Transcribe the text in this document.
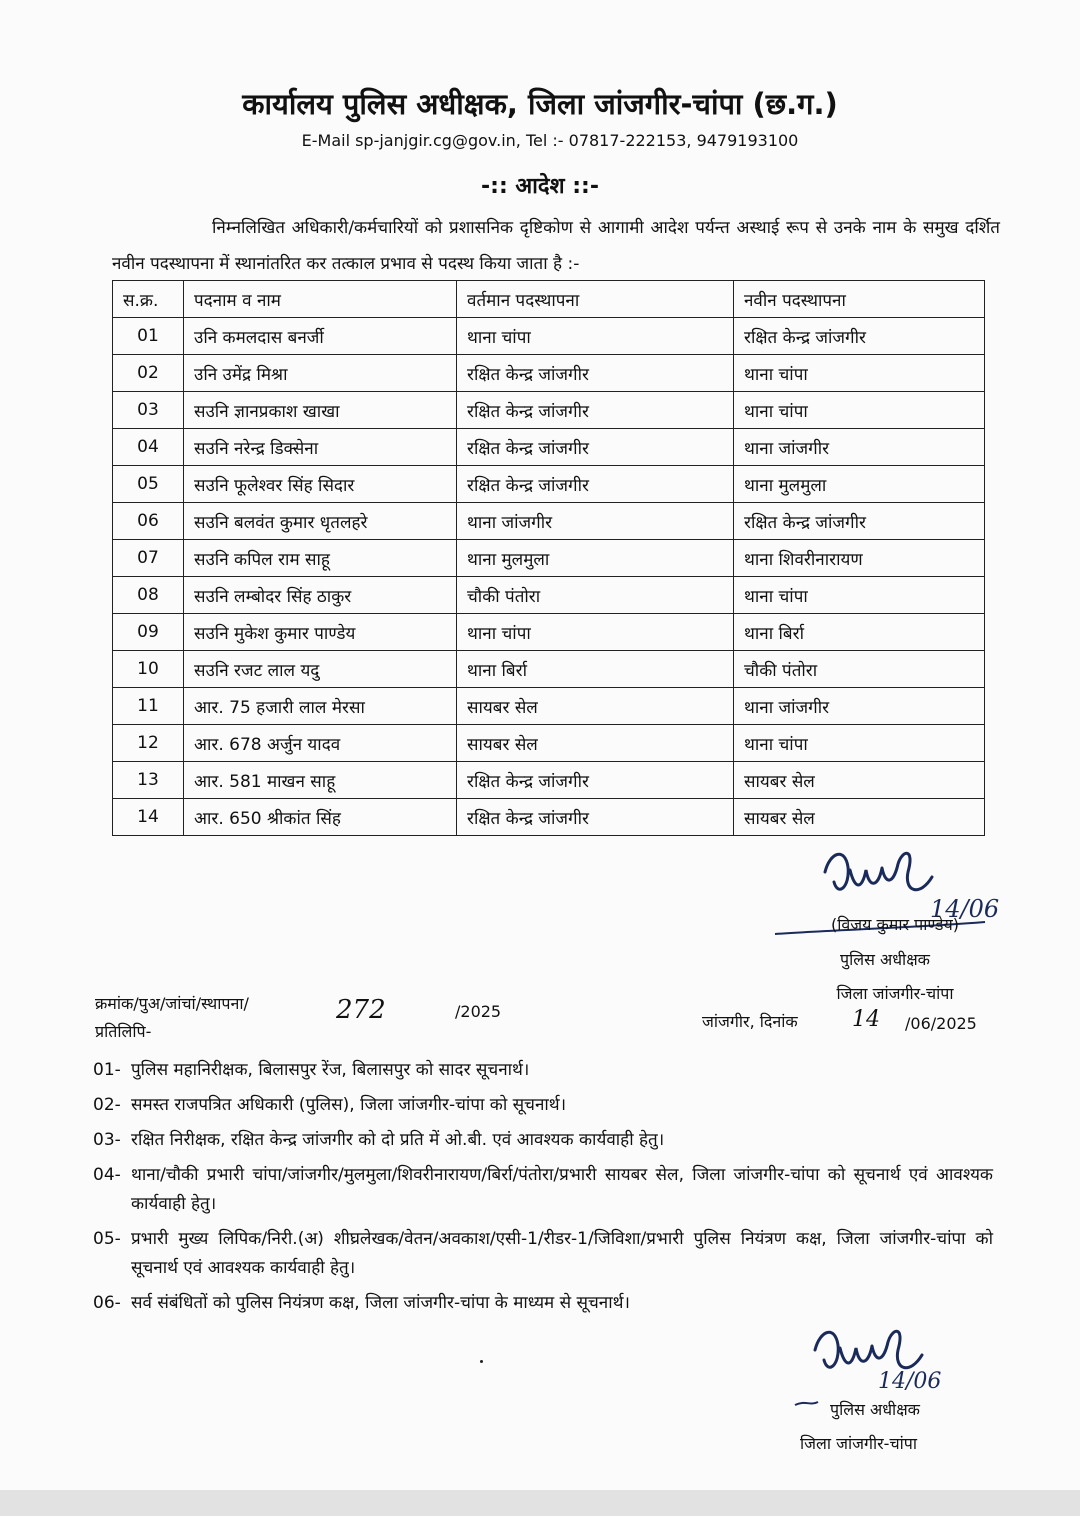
कार्यालय पुलिस अधीक्षक, जिला जांजगीर-चांपा (छ.ग.)
E-Mail sp-janjgir.cg@gov.in, Tel :- 07817-222153, 9479193100
-:: आदेश ::-
निम्नलिखित अधिकारी/कर्मचारियों को प्रशासनिक दृष्टिकोण से आगामी आदेश पर्यन्त अस्थाई रूप से उनके नाम के समुख दर्शित नवीन पदस्थापना में स्थानांतरित कर तत्काल प्रभाव से पदस्थ किया जाता है :-
स.क्र.	पदनाम व नाम	वर्तमान पदस्थापना	नवीन पदस्थापना
01	उनि कमलदास बनर्जी	थाना चांपा	रक्षित केन्द्र जांजगीर
02	उनि उमेंद्र मिश्रा	रक्षित केन्द्र जांजगीर	थाना चांपा
03	सउनि ज्ञानप्रकाश खाखा	रक्षित केन्द्र जांजगीर	थाना चांपा
04	सउनि नरेन्द्र डिक्सेना	रक्षित केन्द्र जांजगीर	थाना जांजगीर
05	सउनि फूलेश्वर सिंह सिदार	रक्षित केन्द्र जांजगीर	थाना मुलमुला
06	सउनि बलवंत कुमार धृतलहरे	थाना जांजगीर	रक्षित केन्द्र जांजगीर
07	सउनि कपिल राम साहू	थाना मुलमुला	थाना शिवरीनारायण
08	सउनि लम्बोदर सिंह ठाकुर	चौकी पंतोरा	थाना चांपा
09	सउनि मुकेश कुमार पाण्डेय	थाना चांपा	थाना बिर्रा
10	सउनि रजट लाल यदु	थाना बिर्रा	चौकी पंतोरा
11	आर. 75 हजारी लाल मेरसा	सायबर सेल	थाना जांजगीर
12	आर. 678 अर्जुन यादव	सायबर सेल	थाना चांपा
13	आर. 581 माखन साहू	रक्षित केन्द्र जांजगीर	सायबर सेल
14	आर. 650 श्रीकांत सिंह	रक्षित केन्द्र जांजगीर	सायबर सेल
14/06
(विजय कुमार पाण्डेय)
पुलिस अधीक्षक
जिला जांजगीर-चांपा
क्रमांक/पुअ/जांचां/स्थापना/	272	/2025
जांजगीर, दिनांक 14 /06/2025
प्रतिलिपि-
01- पुलिस महानिरीक्षक, बिलासपुर रेंज, बिलासपुर को सादर सूचनार्थ।
02- समस्त राजपत्रित अधिकारी (पुलिस), जिला जांजगीर-चांपा को सूचनार्थ।
03- रक्षित निरीक्षक, रक्षित केन्द्र जांजगीर को दो प्रति में ओ.बी. एवं आवश्यक कार्यवाही हेतु।
04- थाना/चौकी प्रभारी चांपा/जांजगीर/मुलमुला/शिवरीनारायण/बिर्रा/पंतोरा/प्रभारी सायबर सेल, जिला जांजगीर-चांपा को सूचनार्थ एवं आवश्यक कार्यवाही हेतु।
05- प्रभारी मुख्य लिपिक/निरी.(अ) शीघ्रलेखक/वेतन/अवकाश/एसी-1/रीडर-1/जिविशा/प्रभारी पुलिस नियंत्रण कक्ष, जिला जांजगीर-चांपा को सूचनार्थ एवं आवश्यक कार्यवाही हेतु।
06- सर्व संबंधितों को पुलिस नियंत्रण कक्ष, जिला जांजगीर-चांपा के माध्यम से सूचनार्थ।
14/06
पुलिस अधीक्षक
जिला जांजगीर-चांपा
